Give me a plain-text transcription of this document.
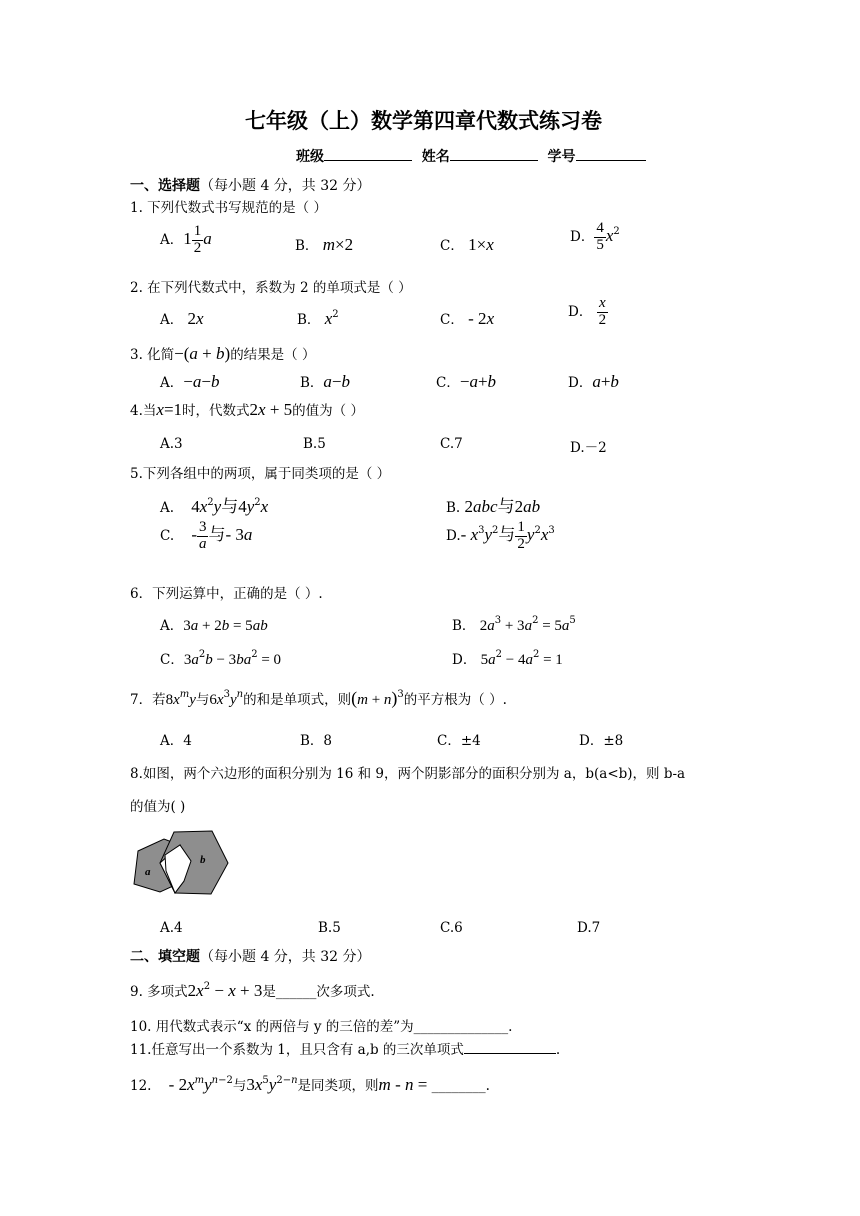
七年级（上）数学第四章代数式练习卷
班级	姓名	学号
一、选择题（每小题 4 分，共 32 分）
1. 下列代数式书写规范的是（ ）
A．$1 \frac{1}{2}$ a	B． m×2	C． 1×x	D． $\frac{4}{5} x^2$
2. 在下列代数式中，系数为 2 的单项式是（ ）
A． 2x	B． $x^2$	C． - 2x	D． $\frac{x}{2}$
3. 化简−(a + b)的结果是（ ）
A．−a−b	B．a−b	C．−a+b	D．a+b
4.当x=1时，代数式2x + 5的值为（ ）
A.3	B.5	C.7	D.－2
5.下列各组中的两项，属于同类项的是（ ）
A. $4x^2y$与$4y^2x$	B. 2abc与2ab
C. - $\frac{3}{a}$ 与- 3a	D.- $x^3y^2$与 $\frac{1}{2} y^2x^3$
6．下列运算中，正确的是（ ）.
A．3a + 2b = 5ab	B． $2a^3 + 3a^2 = 5a^5$
C．$3a^2b - 3ba^2 = 0$	D． $5a^2 - 4a^2 = 1$
7．若$8x^my$与$6x^3y^n$的和是单项式，则$(m + n)^3$的平方根为（ ）.
A．4	B．8	C．±4	D．±8
8.如图，两个六边形的面积分别为 16 和 9，两个阴影部分的面积分别为 a，b(a<b)，则 b-a
的值为( )
a
b
A.4	B.5	C.6	D.7
二、填空题（每小题 4 分，共 32 分）
9. 多项式$2x^2 - x + 3$是______次多项式.
10. 用代数式表示“x 的两倍与 y 的三倍的差”为______________.
11.任意写出一个系数为 1，且只含有 a,b 的三次单项式	.
12. - $2x^my^{n-2}$与$3x^5y^{2-n}$是同类项，则m - n = ________.
